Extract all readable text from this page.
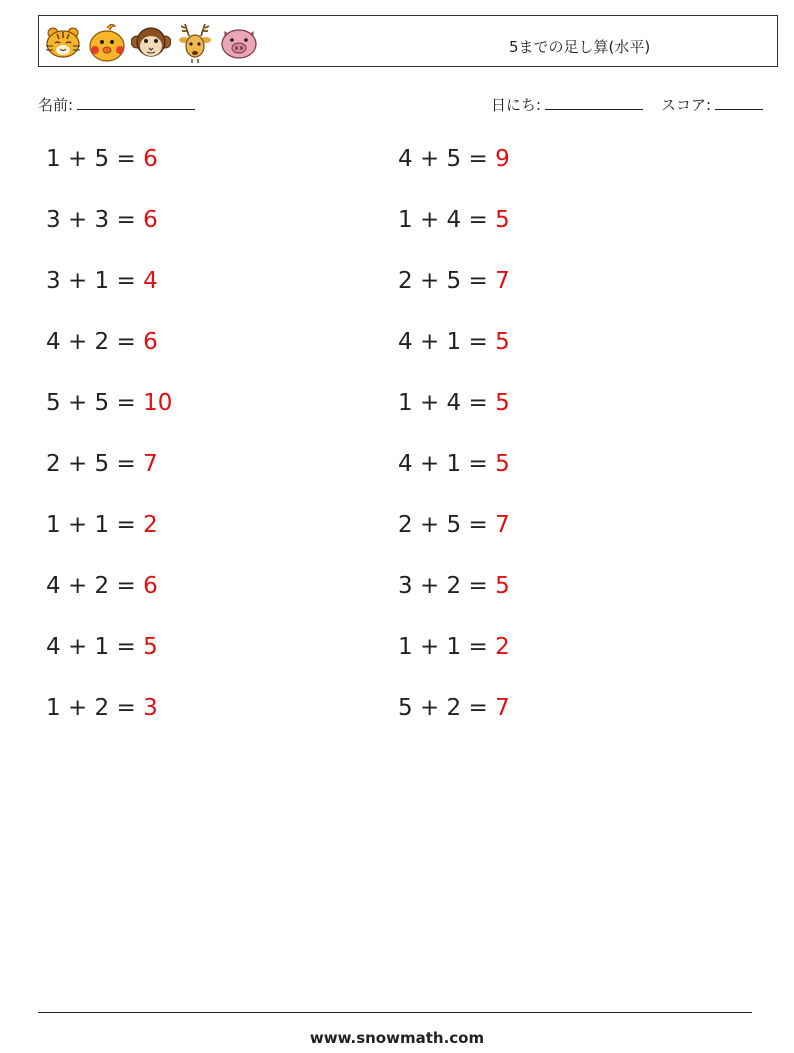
5までの足し算(水平)
名前:	日にち:	スコア:
1 + 5 = 6
3 + 3 = 6
3 + 1 = 4
4 + 2 = 6
5 + 5 = 10
2 + 5 = 7
1 + 1 = 2
4 + 2 = 6
4 + 1 = 5
1 + 2 = 3
4 + 5 = 9
1 + 4 = 5
2 + 5 = 7
4 + 1 = 5
1 + 4 = 5
4 + 1 = 5
2 + 5 = 7
3 + 2 = 5
1 + 1 = 2
5 + 2 = 7
www.snowmath.com
